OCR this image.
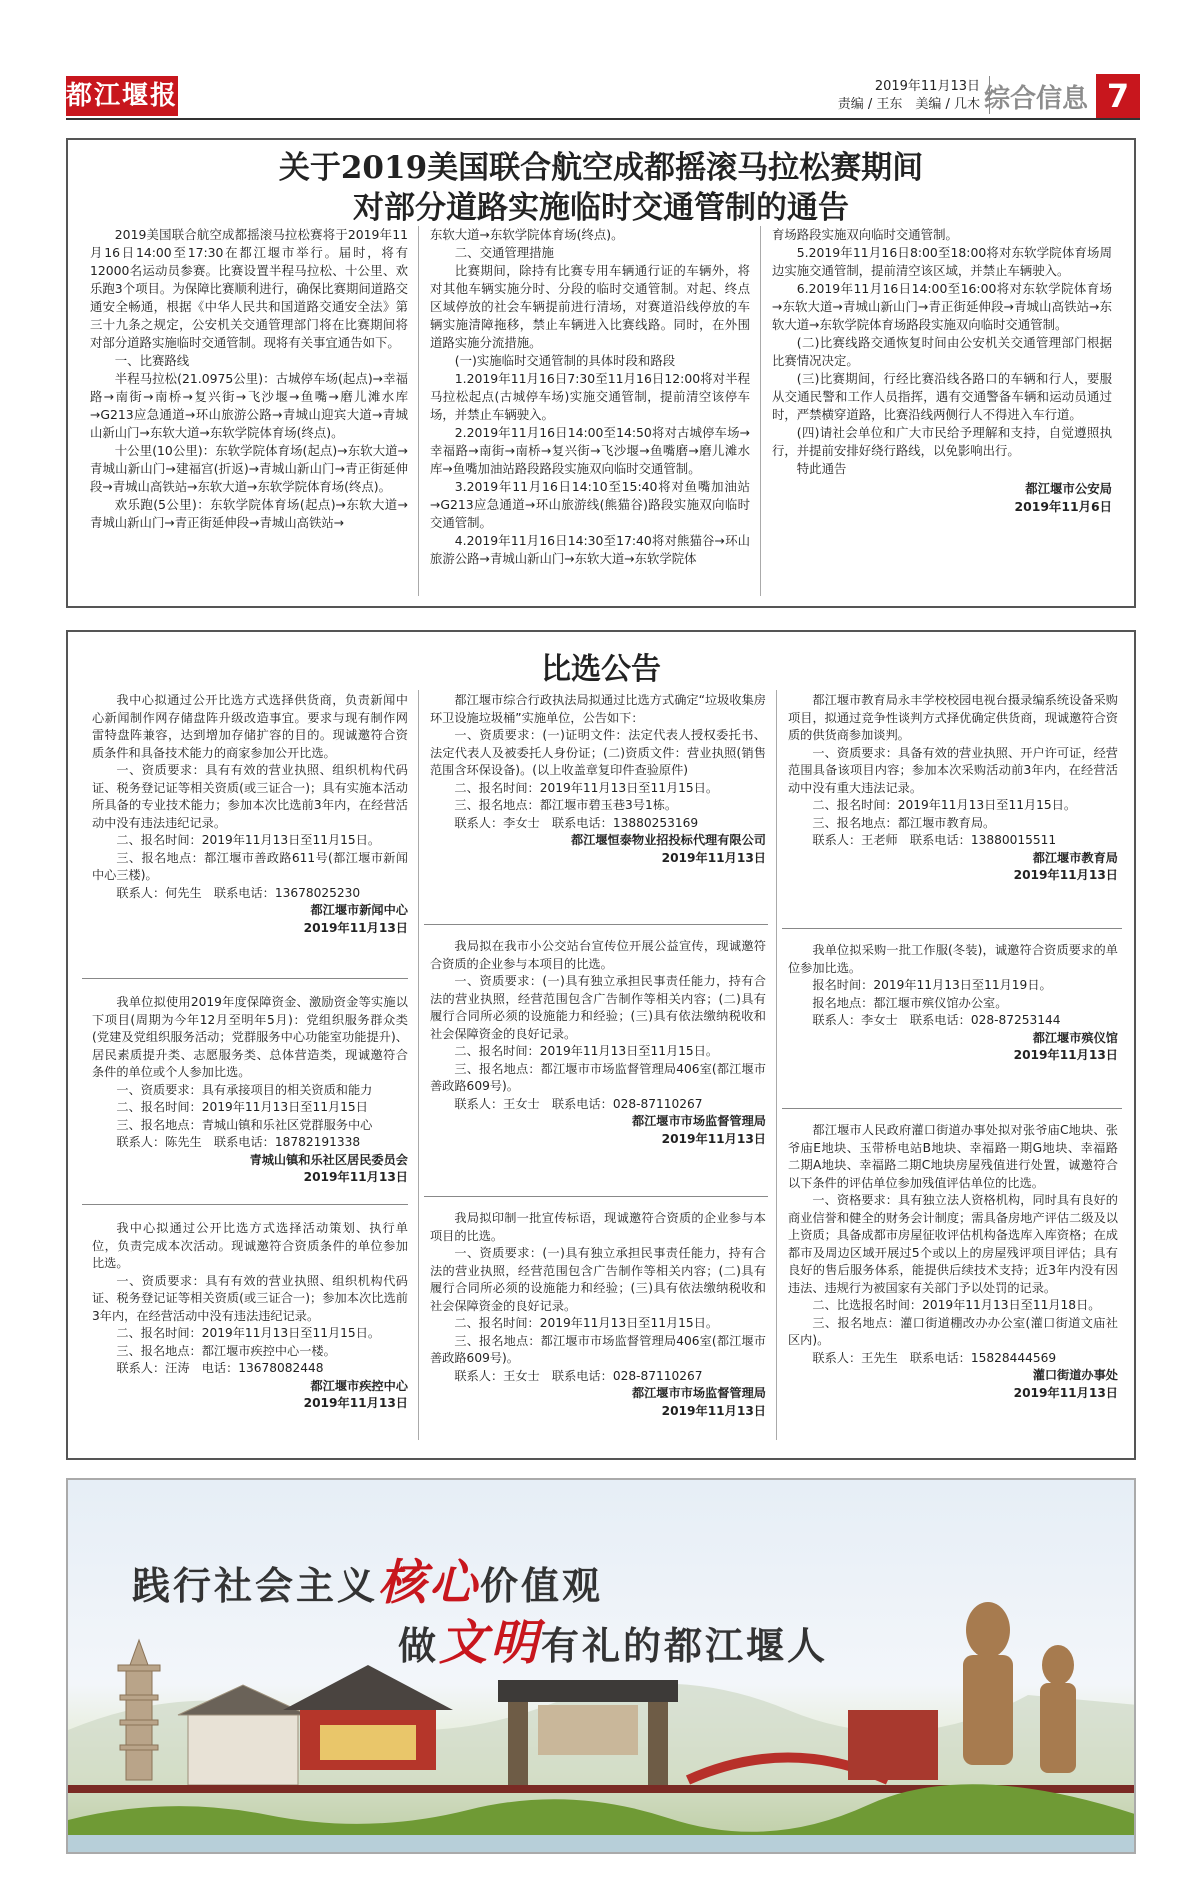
都江堰报	2019年11月13日
责编 / 王东　美编 / 几木 综合信息 7
关于2019美国联合航空成都摇滚马拉松赛期间
对部分道路实施临时交通管制的通告

2019美国联合航空成都摇滚马拉松赛将于2019年11月16日14:00至17:30在都江堰市举行。届时，将有12000名运动员参赛。比赛设置半程马拉松、十公里、欢乐跑3个项目。为保障比赛顺利进行，确保比赛期间道路交通安全畅通，根据《中华人民共和国道路交通安全法》第三十九条之规定，公安机关交通管理部门将在比赛期间将对部分道路实施临时交通管制。现将有关事宜通告如下。

一、比赛路线

半程马拉松(21.0975公里)：古城停车场(起点)→幸福路→南街→南桥→复兴街→飞沙堰→鱼嘴→磨儿滩水库→G213应急通道→环山旅游公路→青城山迎宾大道→青城山新山门→东软大道→东软学院体育场(终点)。

十公里(10公里)：东软学院体育场(起点)→东软大道→青城山新山门→建福宫(折返)→青城山新山门→青正街延伸段→青城山高铁站→东软大道→东软学院体育场(终点)。

欢乐跑(5公里)：东软学院体育场(起点)→东软大道→青城山新山门→青正街延伸段→青城山高铁站→

东软大道→东软学院体育场(终点)。

二、交通管理措施

比赛期间，除持有比赛专用车辆通行证的车辆外，将对其他车辆实施分时、分段的临时交通管制。对起、终点区域停放的社会车辆提前进行清场，对赛道沿线停放的车辆实施清障拖移，禁止车辆进入比赛线路。同时，在外围道路实施分流措施。

(一)实施临时交通管制的具体时段和路段

1.2019年11月16日7:30至11月16日12:00将对半程马拉松起点(古城停车场)实施交通管制，提前清空该停车场，并禁止车辆驶入。

2.2019年11月16日14:00至14:50将对古城停车场→幸福路→南街→南桥→复兴街→飞沙堰→鱼嘴磨→磨儿滩水库→鱼嘴加油站路段路段实施双向临时交通管制。

3.2019年11月16日14:10至15:40将对鱼嘴加油站→G213应急通道→环山旅游线(熊猫谷)路段实施双向临时交通管制。

4.2019年11月16日14:30至17:40将对熊猫谷→环山旅游公路→青城山新山门→东软大道→东软学院体

育场路段实施双向临时交通管制。

5.2019年11月16日8:00至18:00将对东软学院体育场周边实施交通管制，提前清空该区域，并禁止车辆驶入。

6.2019年11月16日14:00至16:00将对东软学院体育场→东软大道→青城山新山门→青正街延伸段→青城山高铁站→东软大道→东软学院体育场路段实施双向临时交通管制。

(二)比赛线路交通恢复时间由公安机关交通管理部门根据比赛情况决定。

(三)比赛期间，行经比赛沿线各路口的车辆和行人，要服从交通民警和工作人员指挥，遇有交通警备车辆和运动员通过时，严禁横穿道路，比赛沿线两侧行人不得进入车行道。

(四)请社会单位和广大市民给予理解和支持，自觉遵照执行，并提前安排好绕行路线，以免影响出行。

特此通告

都江堰市公安局
2019年11月6日
比选公告

我中心拟通过公开比选方式选择供货商，负责新闻中心新闻制作网存储盘阵升级改造事宜。要求与现有制作网雷特盘阵兼容，达到增加存储扩容的目的。现诚邀符合资质条件和具备技术能力的商家参加公开比选。

一、资质要求：具有有效的营业执照、组织机构代码证、税务登记证等相关资质(或三证合一)；具有实施本活动所具备的专业技术能力；参加本次比选前3年内，在经营活动中没有违法违纪记录。

二、报名时间：2019年11月13日至11月15日。

三、报名地点：都江堰市善政路611号(都江堰市新闻中心三楼)。

联系人：何先生　联系电话：13678025230

都江堰市新闻中心
2019年11月13日

我单位拟使用2019年度保障资金、激励资金等实施以下项目(周期为今年12月至明年5月)：党组织服务群众类(党建及党组织服务活动；党群服务中心功能室功能提升)、居民素质提升类、志愿服务类、总体营造类，现诚邀符合条件的单位或个人参加比选。

一、资质要求：具有承接项目的相关资质和能力

二、报名时间：2019年11月13日至11月15日

三、报名地点：青城山镇和乐社区党群服务中心

联系人：陈先生　联系电话：18782191338

青城山镇和乐社区居民委员会
2019年11月13日

我中心拟通过公开比选方式选择活动策划、执行单位，负责完成本次活动。现诚邀符合资质条件的单位参加比选。

一、资质要求：具有有效的营业执照、组织机构代码证、税务登记证等相关资质(或三证合一)；参加本次比选前3年内，在经营活动中没有违法违纪记录。

二、报名时间：2019年11月13日至11月15日。

三、报名地点：都江堰市疾控中心一楼。

联系人：汪涛　电话：13678082448

都江堰市疾控中心
2019年11月13日

都江堰市综合行政执法局拟通过比选方式确定“垃圾收集房环卫设施垃圾桶”实施单位，公告如下：

一、资质要求：(一)证明文件：法定代表人授权委托书、法定代表人及被委托人身份证；(二)资质文件：营业执照(销售范围含环保设备)。(以上收盖章复印件查验原件)

二、报名时间：2019年11月13日至11月15日。

三、报名地点：都江堰市碧玉巷3号1栋。

联系人：李女士　联系电话：13880253169

都江堰恒泰物业招投标代理有限公司
2019年11月13日

我局拟在我市小公交站台宣传位开展公益宣传，现诚邀符合资质的企业参与本项目的比选。

一、资质要求：(一)具有独立承担民事责任能力，持有合法的营业执照，经营范围包含广告制作等相关内容；(二)具有履行合同所必须的设施能力和经验；(三)具有依法缴纳税收和社会保障资金的良好记录。

二、报名时间：2019年11月13日至11月15日。

三、报名地点：都江堰市市场监督管理局406室(都江堰市善政路609号)。

联系人：王女士　联系电话：028-87110267

都江堰市市场监督管理局
2019年11月13日

我局拟印制一批宣传标语，现诚邀符合资质的企业参与本项目的比选。

一、资质要求：(一)具有独立承担民事责任能力，持有合法的营业执照，经营范围包含广告制作等相关内容；(二)具有履行合同所必须的设施能力和经验；(三)具有依法缴纳税收和社会保障资金的良好记录。

二、报名时间：2019年11月13日至11月15日。

三、报名地点：都江堰市市场监督管理局406室(都江堰市善政路609号)。

联系人：王女士　联系电话：028-87110267

都江堰市市场监督管理局
2019年11月13日

都江堰市教育局永丰学校校园电视台摄录编系统设备采购项目，拟通过竞争性谈判方式择优确定供货商，现诚邀符合资质的供货商参加谈判。

一、资质要求：具备有效的营业执照、开户许可证，经营范围具备该项目内容；参加本次采购活动前3年内，在经营活动中没有重大违法记录。

二、报名时间：2019年11月13日至11月15日。

三、报名地点：都江堰市教育局。

联系人：王老师　联系电话：13880015511

都江堰市教育局
2019年11月13日

我单位拟采购一批工作服(冬装)，诚邀符合资质要求的单位参加比选。

报名时间：2019年11月13日至11月19日。

报名地点：都江堰市殡仪馆办公室。

联系人：李女士　联系电话：028-87253144

都江堰市殡仪馆
2019年11月13日

都江堰市人民政府灌口街道办事处拟对张爷庙C地块、张爷庙E地块、玉带桥电站B地块、幸福路一期G地块、幸福路二期A地块、幸福路二期C地块房屋残值进行处置，诚邀符合以下条件的评估单位参加残值评估单位的比选。

一、资格要求：具有独立法人资格机构，同时具有良好的商业信誉和健全的财务会计制度；需具备房地产评估二级及以上资质；具备成都市房屋征收评估机构备选库入库资格；在成都市及周边区域开展过5个或以上的房屋残评项目评估；具有良好的售后服务体系，能提供后续技术支持；近3年内没有因违法、违规行为被国家有关部门予以处罚的记录。

二、比选报名时间：2019年11月13日至11月18日。

三、报名地点：灌口街道棚改办办公室(灌口街道文庙社区内)。

联系人：王先生　联系电话：15828444569

灌口街道办事处
2019年11月13日
践行社会主义核心价值观
做文明有礼的都江堰人
